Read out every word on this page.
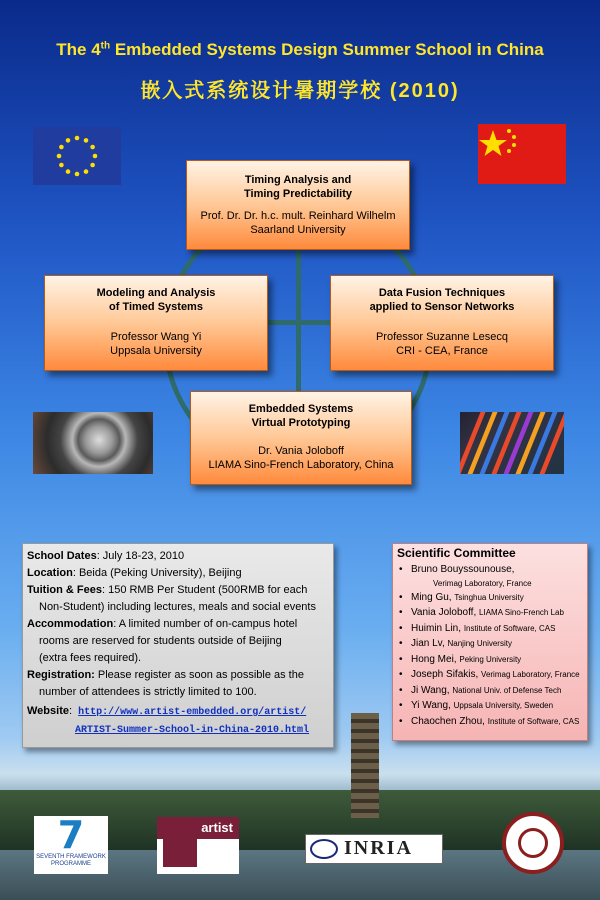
The 4th Embedded Systems Design Summer School in China
嵌入式系统设计暑期学校 (2010)
Timing Analysis and
Timing Predictability
Prof. Dr. Dr. h.c. mult. Reinhard Wilhelm
Saarland University
Modeling and Analysis
of Timed Systems
Professor Wang Yi
Uppsala University
Data Fusion Techniques
applied to Sensor Networks
Professor Suzanne Lesecq
CRI - CEA, France
Embedded Systems
Virtual Prototyping
Dr. Vania Joloboff
LIAMA Sino-French Laboratory, China
School Dates: July 18-23, 2010
Location: Beida (Peking University), Beijing
Tuition & Fees: 150 RMB Per Student (500RMB for each
Non-Student) including lectures, meals and social events
Accommodation: A limited number of on-campus hotel
rooms are reserved for students outside of Beijing
(extra fees required).
Registration: Please register as soon as possible as the
number of attendees is strictly limited to 100.
Website: http://www.artist-embedded.org/artist/
ARTIST-Summer-School-in-China-2010.html
Scientific Committee
• Bruno Bouyssounouse,
Verimag Laboratory, France
• Ming Gu, Tsinghua University
• Vania Joloboff, LIAMA Sino-French Lab
• Huimin Lin, Institute of Software, CAS
• Jian Lv, Nanjing University
• Hong Mei, Peking University
• Joseph Sifakis, Verimag Laboratory, France
• Ji Wang, National Univ. of Defense Tech
• Yi Wang, Uppsala University, Sweden
• Chaochen Zhou, Institute of Software, CAS
7
SEVENTH FRAMEWORK
PROGRAMME
artist
INRIA
